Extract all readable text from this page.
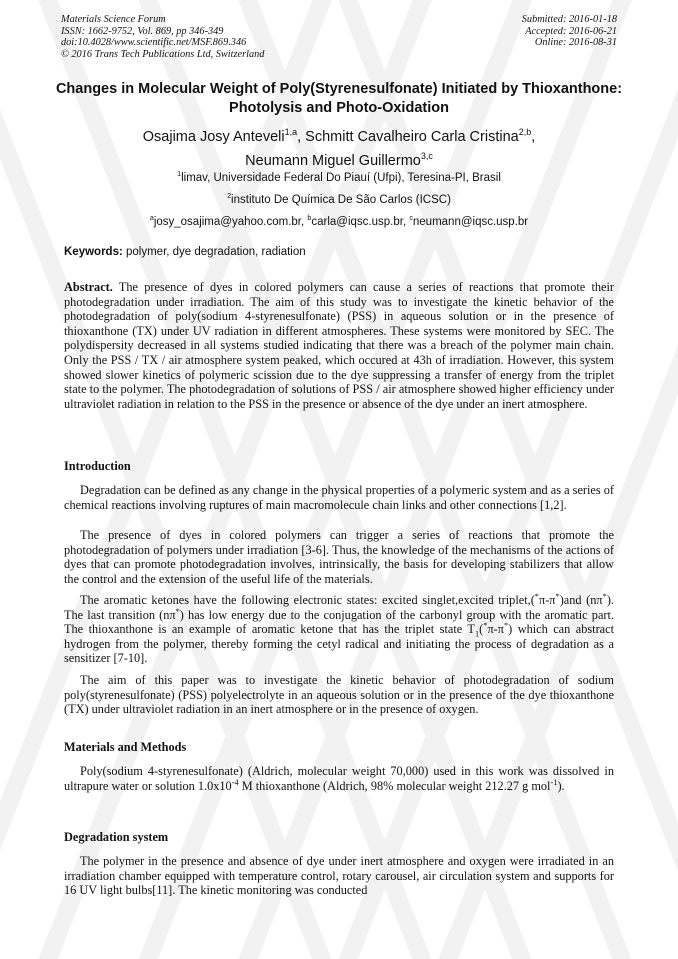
Materials Science Forum
ISSN: 1662-9752, Vol. 869, pp 346-349
doi:10.4028/www.scientific.net/MSF.869.346
© 2016 Trans Tech Publications Ltd, Switzerland
Submitted: 2016-01-18
Accepted: 2016-06-21
Online: 2016-08-31
Changes in Molecular Weight of Poly(Styrenesulfonate) Initiated by Thioxanthone: Photolysis and Photo-Oxidation
Osajima Josy Anteveli$^{1,a}$, Schmitt Cavalheiro Carla Cristina$^{2,b}$,
Neumann Miguel Guillermo$^{3,c}$
$^1$limav, Universidade Federal Do Piauí (Ufpi), Teresina-PI, Brasil
$^2$instituto De Química De São Carlos (ICSC)
$^a$josy_osajima@yahoo.com.br, $^b$carla@iqsc.usp.br, $^c$neumann@iqsc.usp.br
Keywords: polymer, dye degradation, radiation

Abstract. The presence of dyes in colored polymers can cause a series of reactions that promote their photodegradation under irradiation. The aim of this study was to investigate the kinetic behavior of the photodegradation of poly(sodium 4-styrenesulfonate) (PSS) in aqueous solution or in the presence of thioxanthone (TX) under UV radiation in different atmospheres. These systems were monitored by SEC. The polydispersity decreased in all systems studied indicating that there was a breach of the polymer main chain. Only the PSS / TX / air atmosphere system peaked, which occured at 43h of irradiation. However, this system showed slower kinetics of polymeric scission due to the dye suppressing a transfer of energy from the triplet state to the polymer. The photodegradation of solutions of PSS / air atmosphere showed higher efficiency under ultraviolet radiation in relation to the PSS in the presence or absence of the dye under an inert atmosphere.

Introduction

Degradation can be defined as any change in the physical properties of a polymeric system and as a series of chemical reactions involving ruptures of main macromolecule chain links and other connections [1,2].

The presence of dyes in colored polymers can trigger a series of reactions that promote the photodegradation of polymers under irradiation [3-6]. Thus, the knowledge of the mechanisms of the actions of dyes that can promote photodegradation involves, intrinsically, the basis for developing stabilizers that allow the control and the extension of the useful life of the materials.

The aromatic ketones have the following electronic states: excited singlet,excited triplet,(*π-π*)and (nπ*). The last transition (nπ*) has low energy due to the conjugation of the carbonyl group with the aromatic part. The thioxanthone is an example of aromatic ketone that has the triplet state $T_1(^*\pi-\pi^*)$ which can abstract hydrogen from the polymer, thereby forming the cetyl radical and initiating the process of degradation as a sensitizer [7-10].

The aim of this paper was to investigate the kinetic behavior of photodegradation of sodium poly(styrenesulfonate) (PSS) polyelectrolyte in an aqueous solution or in the presence of the dye thioxanthone (TX) under ultraviolet radiation in an inert atmosphere or in the presence of oxygen.

Materials and Methods

Poly(sodium 4-styrenesulfonate) (Aldrich, molecular weight 70,000) used in this work was dissolved in ultrapure water or solution $1.0x10^{-4}$ M thioxanthone (Aldrich, 98% molecular weight 212.27 g mol$^{-1}$).

Degradation system

The polymer in the presence and absence of dye under inert atmosphere and oxygen were irradiated in an irradiation chamber equipped with temperature control, rotary carousel, air circulation system and supports for 16 UV light bulbs[11]. The kinetic monitoring was conducted
